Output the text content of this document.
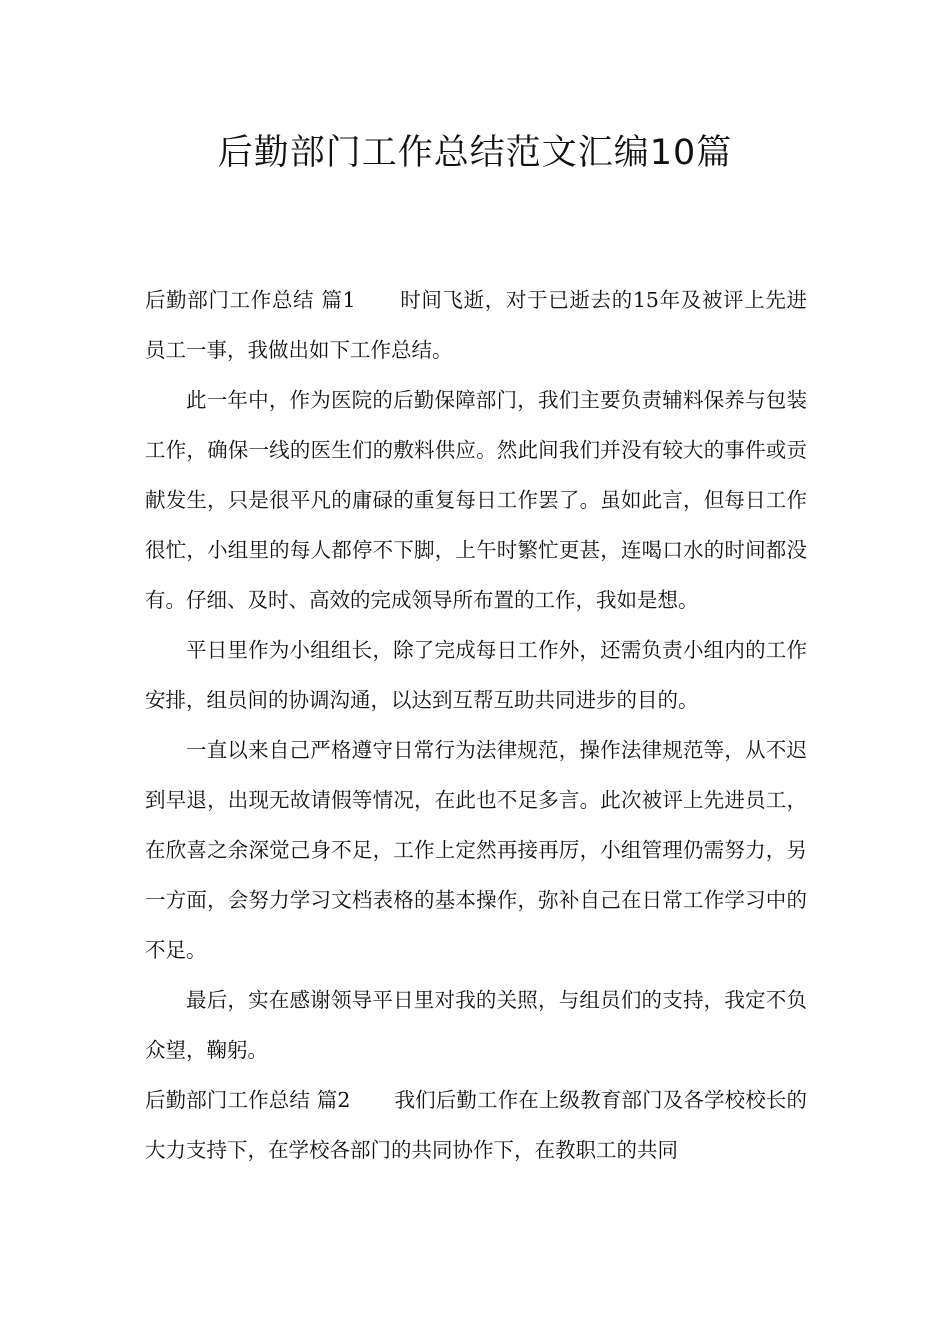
后勤部门工作总结范文汇编10篇

后勤部门工作总结 篇1 时间飞逝，对于已逝去的15年及被评上先进员工一事，我做出如下工作总结。

此一年中，作为医院的后勤保障部门，我们主要负责辅料保养与包装工作，确保一线的医生们的敷料供应。然此间我们并没有较大的事件或贡献发生，只是很平凡的庸碌的重复每日工作罢了。虽如此言，但每日工作很忙，小组里的每人都停不下脚，上午时繁忙更甚，连喝口水的时间都没有。仔细、及时、高效的完成领导所布置的工作，我如是想。

平日里作为小组组长，除了完成每日工作外，还需负责小组内的工作安排，组员间的协调沟通，以达到互帮互助共同进步的目的。

一直以来自己严格遵守日常行为法律规范，操作法律规范等，从不迟到早退，出现无故请假等情况，在此也不足多言。此次被评上先进员工，在欣喜之余深觉己身不足，工作上定然再接再厉，小组管理仍需努力，另一方面，会努力学习文档表格的基本操作，弥补自己在日常工作学习中的不足。

最后，实在感谢领导平日里对我的关照，与组员们的支持，我定不负众望，鞠躬。

后勤部门工作总结 篇2 我们后勤工作在上级教育部门及各学校校长的大力支持下，在学校各部门的共同协作下，在教职工的共同
